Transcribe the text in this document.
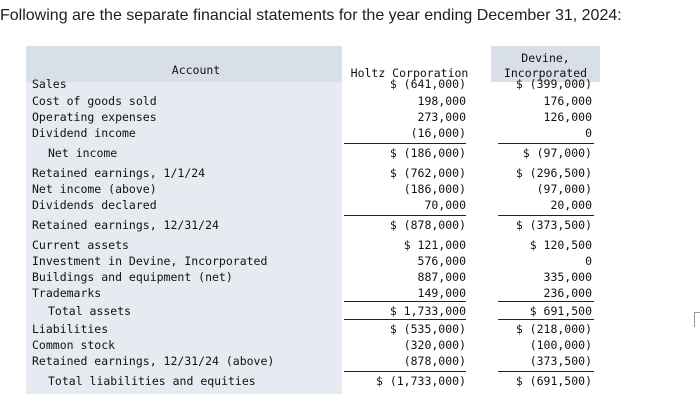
Following are the separate financial statements for the year ending December 31, 2024:
Account	Holtz Corporation
Devine,
Incorporated
Sales	$ (641,000)	$ (399,000)
Cost of goods sold	198,000	176,000
Operating expenses	273,000	126,000
Dividend income	(16,000)	0
Net income	$ (186,000)	$ (97,000)
Retained earnings, 1/1/24	$ (762,000)	$ (296,500)
Net income (above)	(186,000)	(97,000)
Dividends declared	70,000	20,000
Retained earnings, 12/31/24	$ (878,000)	$ (373,500)
Current assets	$ 121,000	$ 120,500
Investment in Devine, Incorporated	576,000	0
Buildings and equipment (net)	887,000	335,000
Trademarks	149,000	236,000
Total assets	$ 1,733,000	$ 691,500
Liabilities	$ (535,000)	$ (218,000)
Common stock	(320,000)	(100,000)
Retained earnings, 12/31/24 (above)	(878,000)	(373,500)
Total liabilities and equities	$ (1,733,000)	$ (691,500)
